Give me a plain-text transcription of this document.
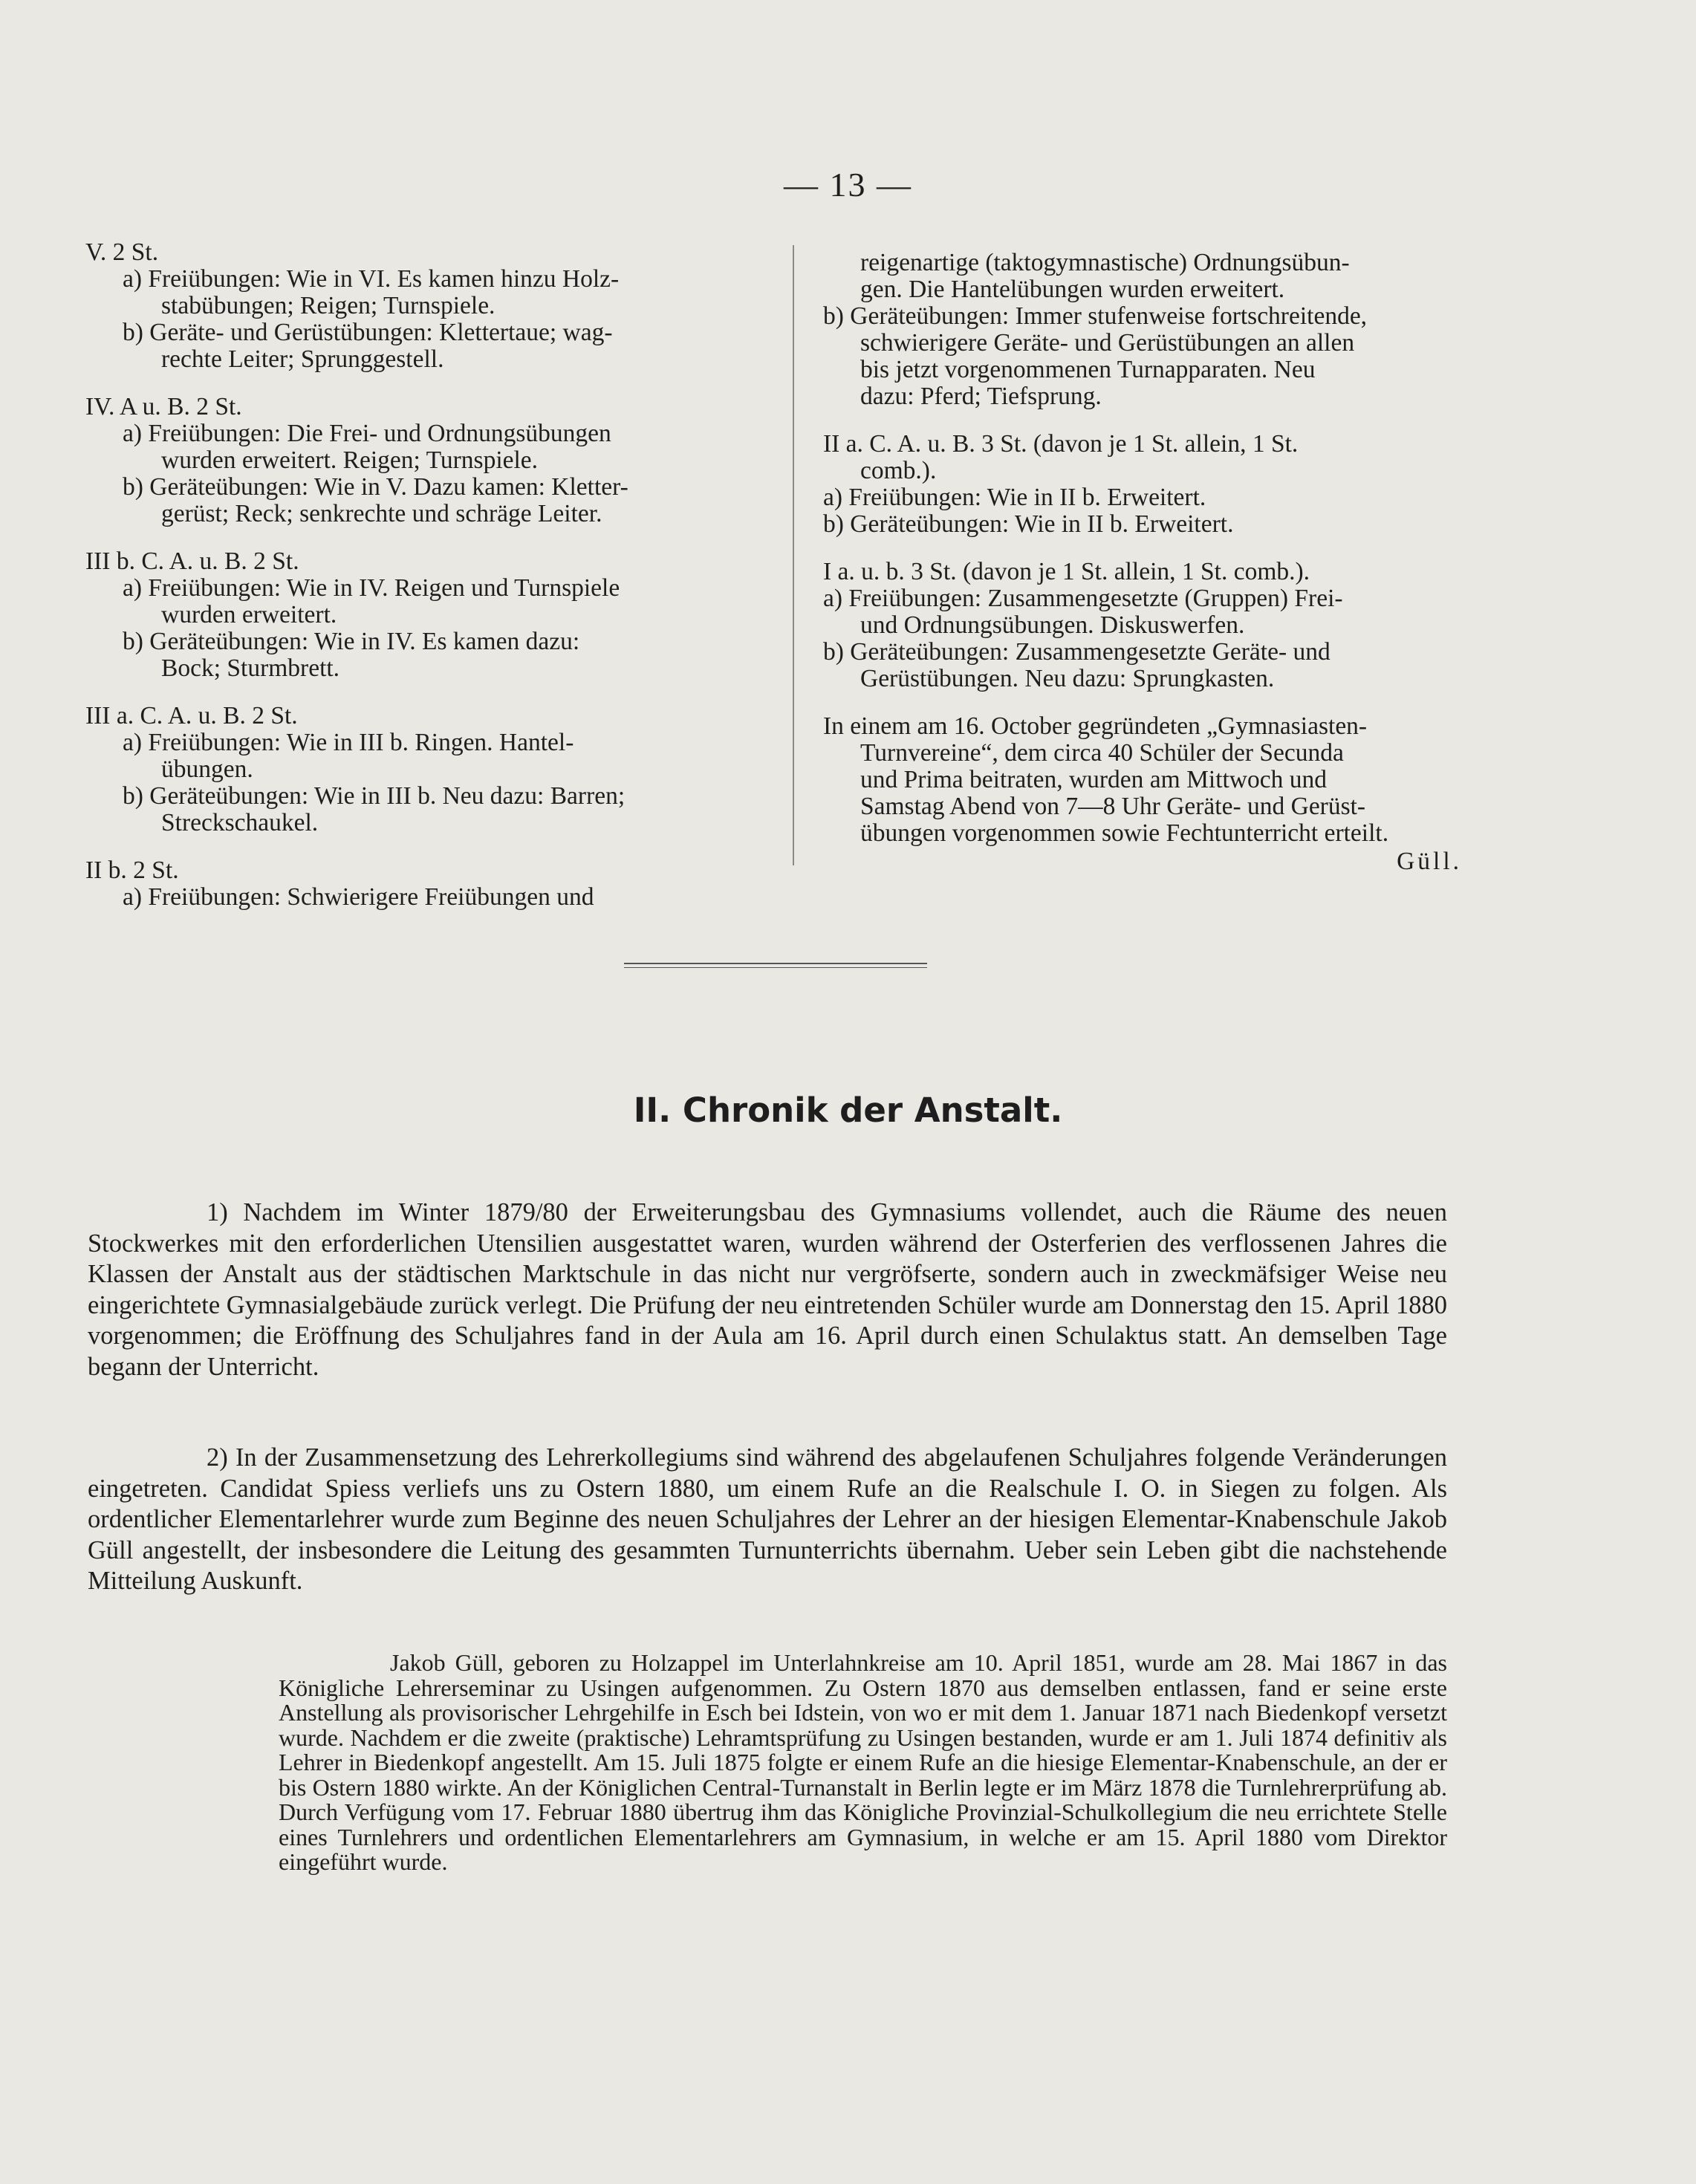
— 13 —

V. 2 St.

a) Freiübungen: Wie in VI. Es kamen hinzu Holz-

stabübungen; Reigen; Turnspiele.

b) Geräte- und Gerüstübungen: Klettertaue; wag-

rechte Leiter; Sprunggestell.

IV. A u. B. 2 St.

a) Freiübungen: Die Frei- und Ordnungsübungen

wurden erweitert. Reigen; Turnspiele.

b) Geräteübungen: Wie in V. Dazu kamen: Kletter-

gerüst; Reck; senkrechte und schräge Leiter.

III b. C. A. u. B. 2 St.

a) Freiübungen: Wie in IV. Reigen und Turnspiele

wurden erweitert.

b) Geräteübungen: Wie in IV. Es kamen dazu:

Bock; Sturmbrett.

III a. C. A. u. B. 2 St.

a) Freiübungen: Wie in III b. Ringen. Hantel-

übungen.

b) Geräteübungen: Wie in III b. Neu dazu: Barren;

Streckschaukel.

II b. 2 St.

a) Freiübungen: Schwierigere Freiübungen und

reigenartige (taktogymnastische) Ordnungsübun-

gen. Die Hantelübungen wurden erweitert.

b) Geräteübungen: Immer stufenweise fortschreitende,

schwierigere Geräte- und Gerüstübungen an allen

bis jetzt vorgenommenen Turnapparaten. Neu

dazu: Pferd; Tiefsprung.

II a. C. A. u. B. 3 St. (davon je 1 St. allein, 1 St.

comb.).

a) Freiübungen: Wie in II b. Erweitert.

b) Geräteübungen: Wie in II b. Erweitert.

I a. u. b. 3 St. (davon je 1 St. allein, 1 St. comb.).

a) Freiübungen: Zusammengesetzte (Gruppen) Frei-

und Ordnungsübungen. Diskuswerfen.

b) Geräteübungen: Zusammengesetzte Geräte- und

Gerüstübungen. Neu dazu: Sprungkasten.

In einem am 16. October gegründeten „Gymnasiasten-

Turnvereine“, dem circa 40 Schüler der Secunda

und Prima beitraten, wurden am Mittwoch und

Samstag Abend von 7—8 Uhr Geräte- und Gerüst-

übungen vorgenommen sowie Fechtunterricht erteilt.

Güll.

II. Chronik der Anstalt.

1) Nachdem im Winter 1879/80 der Erweiterungsbau des Gymnasiums vollendet, auch die Räume des neuen Stockwerkes mit den erforderlichen Utensilien ausgestattet waren, wurden während der Osterferien des verflossenen Jahres die Klassen der Anstalt aus der städtischen Marktschule in das nicht nur vergröfserte, sondern auch in zweckmäfsiger Weise neu eingerichtete Gymnasialgebäude zurück verlegt. Die Prüfung der neu eintretenden Schüler wurde am Donnerstag den 15. April 1880 vorgenommen; die Eröffnung des Schuljahres fand in der Aula am 16. April durch einen Schulaktus statt. An demselben Tage begann der Unterricht.

2) In der Zusammensetzung des Lehrerkollegiums sind während des abgelaufenen Schuljahres folgende Veränderungen eingetreten. Candidat Spiess verliefs uns zu Ostern 1880, um einem Rufe an die Realschule I. O. in Siegen zu folgen. Als ordentlicher Elementarlehrer wurde zum Beginne des neuen Schuljahres der Lehrer an der hiesigen Elementar-Knabenschule Jakob Güll angestellt, der insbesondere die Leitung des gesammten Turnunterrichts übernahm. Ueber sein Leben gibt die nachstehende Mitteilung Auskunft.

Jakob Güll, geboren zu Holzappel im Unterlahnkreise am 10. April 1851, wurde am 28. Mai 1867 in das Königliche Lehrerseminar zu Usingen aufgenommen. Zu Ostern 1870 aus demselben entlassen, fand er seine erste Anstellung als provisorischer Lehrgehilfe in Esch bei Idstein, von wo er mit dem 1. Januar 1871 nach Biedenkopf versetzt wurde. Nachdem er die zweite (praktische) Lehramtsprüfung zu Usingen bestanden, wurde er am 1. Juli 1874 definitiv als Lehrer in Biedenkopf angestellt. Am 15. Juli 1875 folgte er einem Rufe an die hiesige Elementar-Knabenschule, an der er bis Ostern 1880 wirkte. An der Königlichen Central-Turnanstalt in Berlin legte er im März 1878 die Turnlehrerprüfung ab. Durch Verfügung vom 17. Februar 1880 übertrug ihm das Königliche Provinzial-Schulkollegium die neu errichtete Stelle eines Turnlehrers und ordentlichen Elementarlehrers am Gymnasium, in welche er am 15. April 1880 vom Direktor eingeführt wurde.
